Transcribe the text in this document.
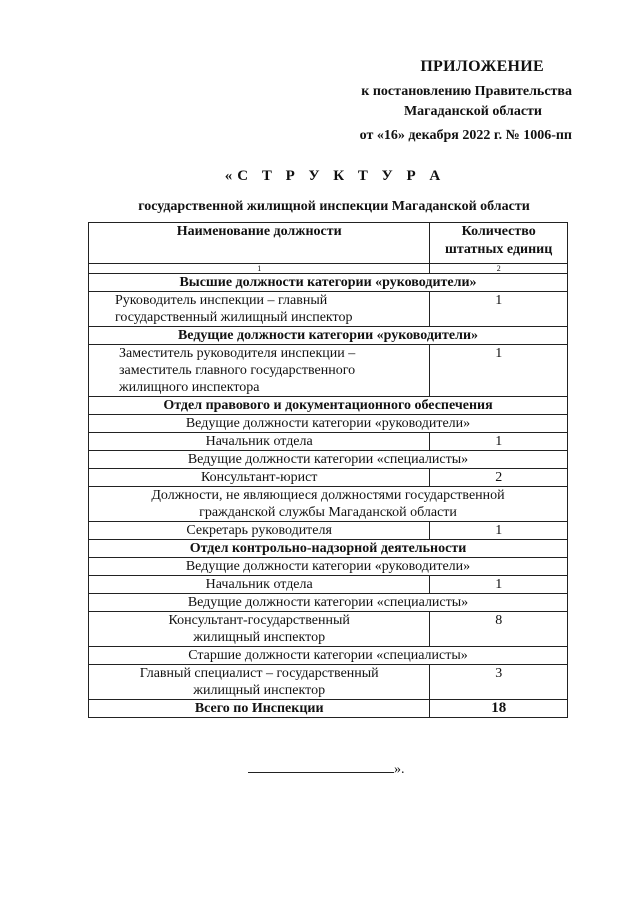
ПРИЛОЖЕНИЕ
к постановлению Правительства
Магаданской области
от «16» декабря 2022 г. № 1006-пп
«С Т Р У К Т У Р А
государственной жилищной инспекции Магаданской области
Наименование должности	Количество штатных единиц
1	2
Высшие должности категории «руководители»	
Руководитель инспекции – главный государственный жилищный инспектор	1
Ведущие должности категории «руководители»	
Заместитель руководителя инспекции – заместитель главного государственного жилищного инспектора	1
Отдел правового и документационного обеспечения	
Ведущие должности категории «руководители»	
Начальник отдела	1
Ведущие должности категории «специалисты»	
Консультант-юрист	2
Должности, не являющиеся должностями государственной гражданской службы Магаданской области	
Секретарь руководителя	1
Отдел контрольно-надзорной деятельности	
Ведущие должности категории «руководители»	
Начальник отдела	1
Ведущие должности категории «специалисты»	
Консультант-государственный жилищный инспектор	8
Старшие должности категории «специалисты»	
Главный специалист – государственный жилищный инспектор	3
Всего по Инспекции	18
».
